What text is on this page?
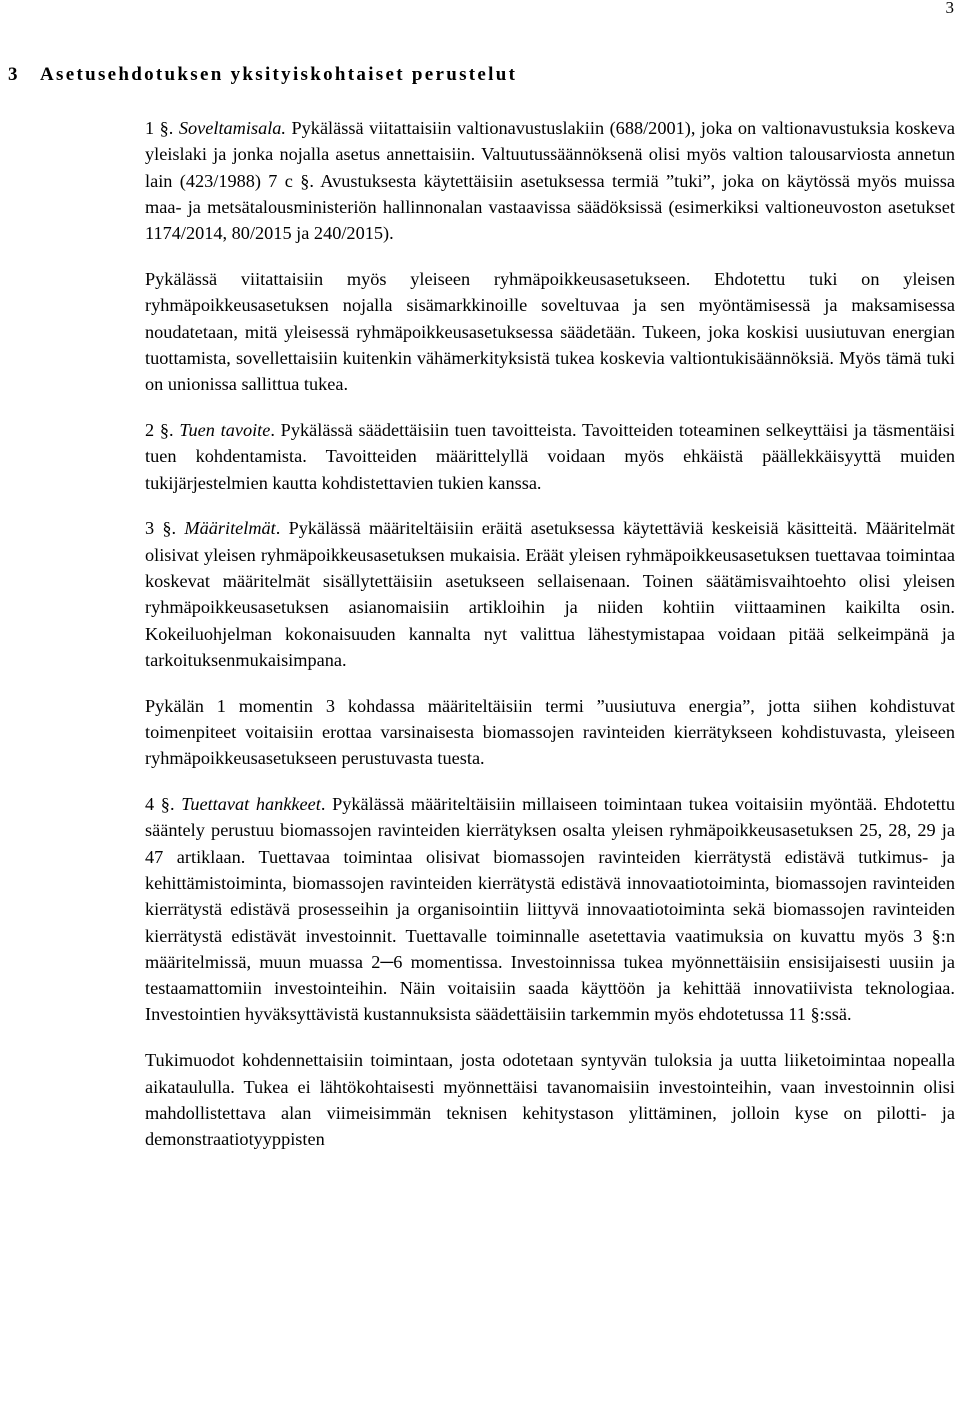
3
3 Asetusehdotuksen yksityiskohtaiset perustelut

1 §. Soveltamisala. Pykälässä viitattaisiin valtionavustuslakiin (688/2001), joka on valtionavustuksia koskeva yleislaki ja jonka nojalla asetus annettaisiin. Valtuutussäännöksenä olisi myös valtion talousarviosta annetun lain (423/1988) 7 c §. Avustuksesta käytettäisiin asetuksessa termiä ”tuki”, joka on käytössä myös muissa maa- ja metsätalousministeriön hallinnonalan vastaavissa säädöksissä (esimerkiksi valtioneuvoston asetukset 1174/2014, 80/2015 ja 240/2015).

Pykälässä viitattaisiin myös yleiseen ryhmäpoikkeusasetukseen. Ehdotettu tuki on yleisen ryhmäpoikkeusasetuksen nojalla sisämarkkinoille soveltuvaa ja sen myöntämisessä ja maksamisessa noudatetaan, mitä yleisessä ryhmäpoikkeusasetuksessa säädetään. Tukeen, joka koskisi uusiutuvan energian tuottamista, sovellettaisiin kuitenkin vähämerkityksistä tukea koskevia valtiontukisäännöksiä. Myös tämä tuki on unionissa sallittua tukea.

2 §. Tuen tavoite. Pykälässä säädettäisiin tuen tavoitteista. Tavoitteiden toteaminen selkeyttäisi ja täsmentäisi tuen kohdentamista. Tavoitteiden määrittelyllä voidaan myös ehkäistä päällekkäisyyttä muiden tukijärjestelmien kautta kohdistettavien tukien kanssa.

3 §. Määritelmät. Pykälässä määriteltäisiin eräitä asetuksessa käytettäviä keskeisiä käsitteitä. Määritelmät olisivat yleisen ryhmäpoikkeusasetuksen mukaisia. Eräät yleisen ryhmäpoikkeusasetuksen tuettavaa toimintaa koskevat määritelmät sisällytettäisiin asetukseen sellaisenaan. Toinen säätämisvaihtoehto olisi yleisen ryhmäpoikkeusasetuksen asianomaisiin artikloihin ja niiden kohtiin viittaaminen kaikilta osin. Kokeiluohjelman kokonaisuuden kannalta nyt valittua lähestymistapaa voidaan pitää selkeimpänä ja tarkoituksenmukaisimpana.

Pykälän 1 momentin 3 kohdassa määriteltäisiin termi ”uusiutuva energia”, jotta siihen kohdistuvat toimenpiteet voitaisiin erottaa varsinaisesta biomassojen ravinteiden kierrätykseen kohdistuvasta, yleiseen ryhmäpoikkeusasetukseen perustuvasta tuesta.

4 §. Tuettavat hankkeet. Pykälässä määriteltäisiin millaiseen toimintaan tukea voitaisiin myöntää. Ehdotettu sääntely perustuu biomassojen ravinteiden kierrätyksen osalta yleisen ryhmäpoikkeusasetuksen 25, 28, 29 ja 47 artiklaan. Tuettavaa toimintaa olisivat biomassojen ravinteiden kierrätystä edistävä tutkimus- ja kehittämistoiminta, biomassojen ravinteiden kierrätystä edistävä innovaatiotoiminta, biomassojen ravinteiden kierrätystä edistävä prosesseihin ja organisointiin liittyvä innovaatiotoiminta sekä biomassojen ravinteiden kierrätystä edistävät investoinnit. Tuettavalle toiminnalle asetettavia vaatimuksia on kuvattu myös 3 §:n määritelmissä, muun muassa 2─6 momentissa. Investoinnissa tukea myönnettäisiin ensisijaisesti uusiin ja testaamattomiin investointeihin. Näin voitaisiin saada käyttöön ja kehittää innovatiivista teknologiaa. Investointien hyväksyttävistä kustannuksista säädettäisiin tarkemmin myös ehdotetussa 11 §:ssä.

Tukimuodot kohdennettaisiin toimintaan, josta odotetaan syntyvän tuloksia ja uutta liiketoimintaa nopealla aikataululla. Tukea ei lähtökohtaisesti myönnettäisi tavanomaisiin investointeihin, vaan investoinnin olisi mahdollistettava alan viimeisimmän teknisen kehitystason ylittäminen, jolloin kyse on pilotti- ja demonstraatiotyyppisten
